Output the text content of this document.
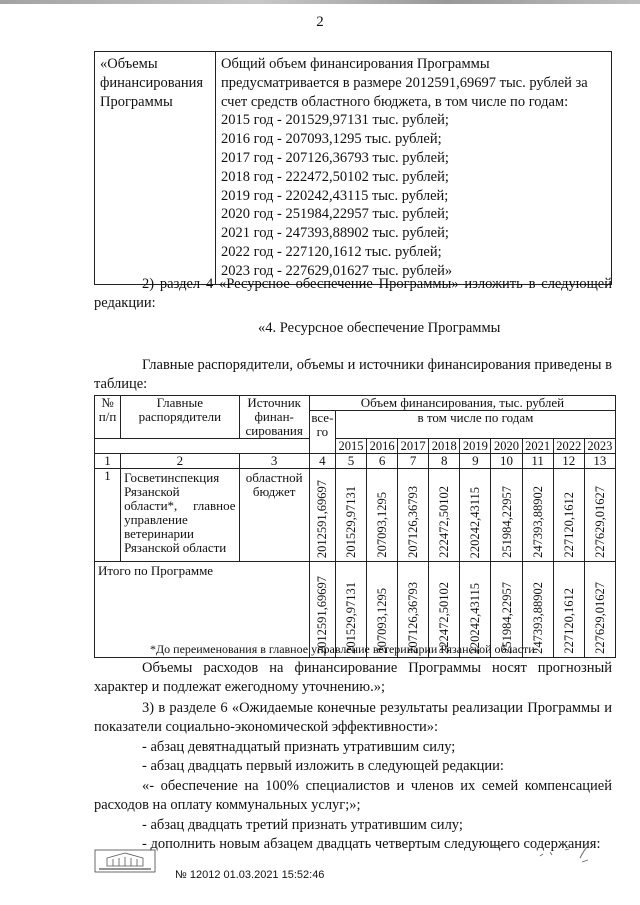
2
«Объемы финансирования Программы	
Общий объем финансирования Программы предусматривается в размере 2012591,69697 тыс. рублей за счет средств областного бюджета, в том числе по годам:
2015 год - 201529,97131 тыс. рублей;
2016 год - 207093,1295 тыс. рублей;
2017 год - 207126,36793 тыс. рублей;
2018 год - 222472,50102 тыс. рублей;
2019 год - 220242,43115 тыс. рублей;
2020 год - 251984,22957 тыс. рублей;
2021 год - 247393,88902 тыс. рублей;
2022 год - 227120,1612 тыс. рублей;
2023 год - 227629,01627 тыс. рублей»
2) раздел 4 «Ресурсное обеспечение Программы» изложить в следующей редакции:
«4. Ресурсное обеспечение Программы
Главные распорядители, объемы и источники финансирования приведены в таблице:
№ п/п	Главные распорядители	Источник финан-сирования	Объем финансирования, тыс. рублей									
			все-го	в том числе по годам								
				2015	2016	2017	2018	2019	2020	2021	2022	2023
1	2	3	4	5	6	7	8	9	10	11	12	13
1	Госветинспекция Рязанской области*, главное управление ветеринарии Рязанской области	областной бюджет	2012591,69697	201529,97131	207093,1295	207126,36793	222472,50102	220242,43115	251984,22957	247393,88902	227120,1612	227629,01627

Итого по Программе			2012591,69697	201529,97131	207093,1295	207126,36793	222472,50102	220242,43115	251984,22957	247393,88902	227120,1612	227629,01627
*До переименования в главное управление ветеринарии Рязанской области.
Объемы расходов на финансирование Программы носят прогнозный характер и подлежат ежегодному уточнению.»;
3) в разделе 6 «Ожидаемые конечные результаты реализации Программы и показатели социально-экономической эффективности»:
- абзац девятнадцатый признать утратившим силу;
- абзац двадцать первый изложить в следующей редакции:
«- обеспечение на 100% специалистов и членов их семей компенсацией расходов на оплату коммунальных услуг;»;
- абзац двадцать третий признать утратившим силу;
- дополнить новым абзацем двадцать четвертым следующего содержания:
№ 12012 01.03.2021 15:52:46
